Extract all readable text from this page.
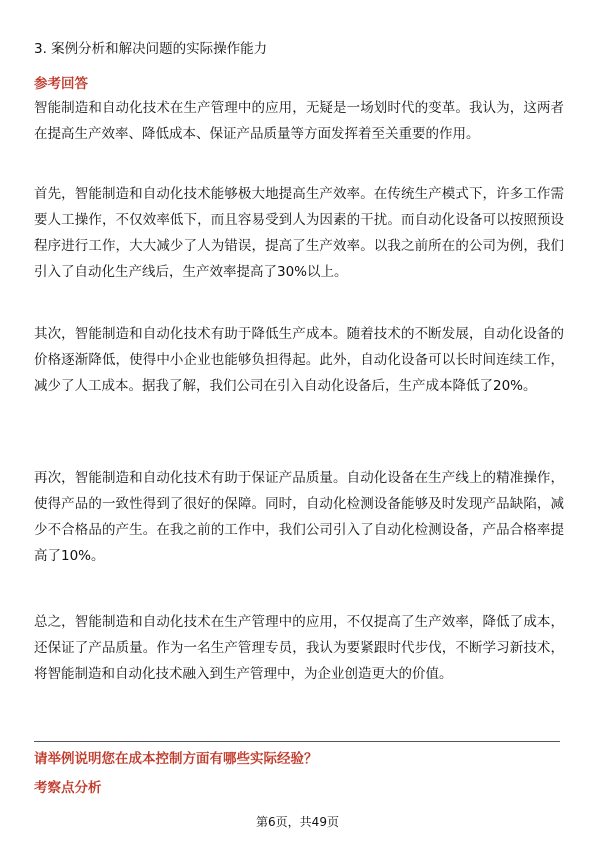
3. 案例分析和解决问题的实际操作能力
参考回答

智能制造和自动化技术在生产管理中的应用，无疑是一场划时代的变革。我认为，这两者在提高生产效率、降低成本、保证产品质量等方面发挥着至关重要的作用。

首先，智能制造和自动化技术能够极大地提高生产效率。在传统生产模式下，许多工作需要人工操作，不仅效率低下，而且容易受到人为因素的干扰。而自动化设备可以按照预设程序进行工作，大大减少了人为错误，提高了生产效率。以我之前所在的公司为例，我们引入了自动化生产线后，生产效率提高了30%以上。

其次，智能制造和自动化技术有助于降低生产成本。随着技术的不断发展，自动化设备的价格逐渐降低，使得中小企业也能够负担得起。此外，自动化设备可以长时间连续工作，减少了人工成本。据我了解，我们公司在引入自动化设备后，生产成本降低了20%。

再次，智能制造和自动化技术有助于保证产品质量。自动化设备在生产线上的精准操作，使得产品的一致性得到了很好的保障。同时，自动化检测设备能够及时发现产品缺陷，减少不合格品的产生。在我之前的工作中，我们公司引入了自动化检测设备，产品合格率提高了10%。

总之，智能制造和自动化技术在生产管理中的应用，不仅提高了生产效率，降低了成本，还保证了产品质量。作为一名生产管理专员，我认为要紧跟时代步伐，不断学习新技术，将智能制造和自动化技术融入到生产管理中，为企业创造更大的价值。

请举例说明您在成本控制方面有哪些实际经验？
考察点分析
第6页，共49页
